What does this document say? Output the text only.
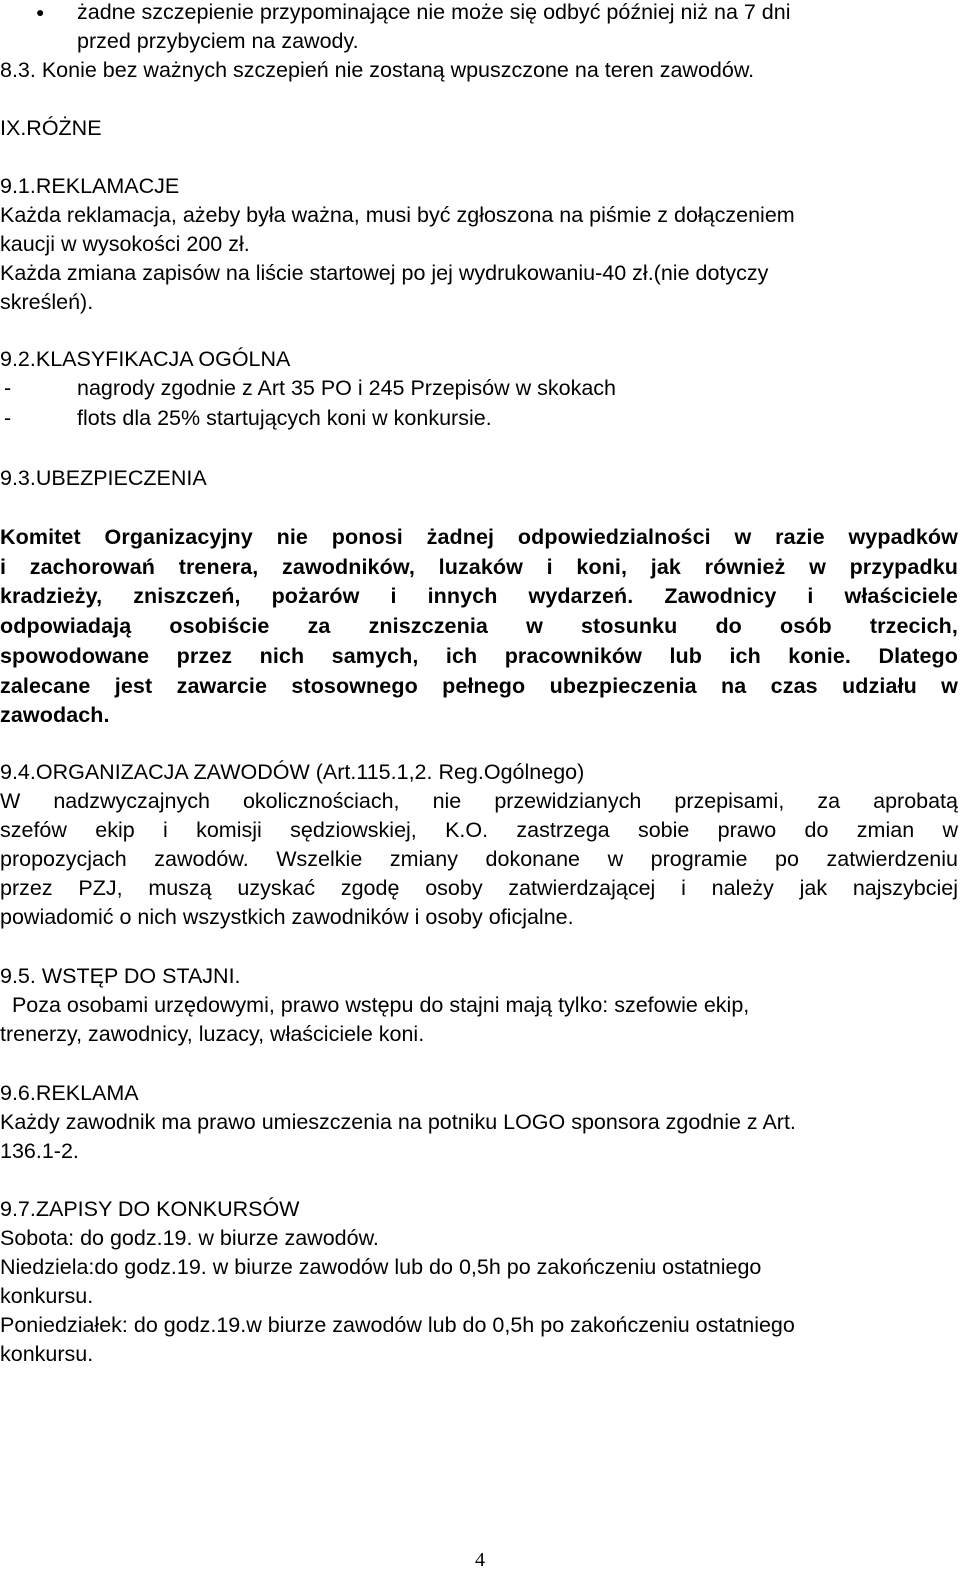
● żadne szczepienie przypominające nie może się odbyć później niż na 7 dni

przed przybyciem na zawody.

8.3. Konie bez ważnych szczepień nie zostaną wpuszczone na teren zawodów.

IX.RÓŻNE

9.1.REKLAMACJE

Każda reklamacja, ażeby była ważna, musi być zgłoszona na piśmie z dołączeniem

kaucji w wysokości 200 zł.

Każda zmiana zapisów na liście startowej po jej wydrukowaniu-40 zł.(nie dotyczy

skreśleń).

9.2.KLASYFIKACJA OGÓLNA

-	nagrody zgodnie z Art 35 PO i 245 Przepisów w skokach
-	flots dla 25% startujących koni w konkursie.

9.3.UBEZPIECZENIA

Komitet Organizacyjny nie ponosi żadnej odpowiedzialności w razie wypadków

i zachorowań trenera, zawodników, luzaków i koni, jak również w przypadku

kradzieży, zniszczeń, pożarów i innych wydarzeń. Zawodnicy i właściciele

odpowiadają osobiście za zniszczenia w stosunku do osób trzecich,

spowodowane przez nich samych, ich pracowników lub ich konie. Dlatego

zalecane jest zawarcie stosownego pełnego ubezpieczenia na czas udziału w

zawodach.

9.4.ORGANIZACJA ZAWODÓW (Art.115.1,2. Reg.Ogólnego)

W nadzwyczajnych okolicznościach, nie przewidzianych przepisami, za aprobatą

szefów ekip i komisji sędziowskiej, K.O. zastrzega sobie prawo do zmian w

propozycjach zawodów. Wszelkie zmiany dokonane w programie po zatwierdzeniu

przez PZJ, muszą uzyskać zgodę osoby zatwierdzającej i należy jak najszybciej

powiadomić o nich wszystkich zawodników i osoby oficjalne.

9.5. WSTĘP DO STAJNI.

Poza osobami urzędowymi, prawo wstępu do stajni mają tylko: szefowie ekip,

trenerzy, zawodnicy, luzacy, właściciele koni.

9.6.REKLAMA

Każdy zawodnik ma prawo umieszczenia na potniku LOGO sponsora zgodnie z Art.

136.1-2.

9.7.ZAPISY DO KONKURSÓW

Sobota: do godz.19. w biurze zawodów.

Niedziela:do godz.19. w biurze zawodów lub do 0,5h po zakończeniu ostatniego

konkursu.

Poniedziałek: do godz.19.w biurze zawodów lub do 0,5h po zakończeniu ostatniego

konkursu.

4
